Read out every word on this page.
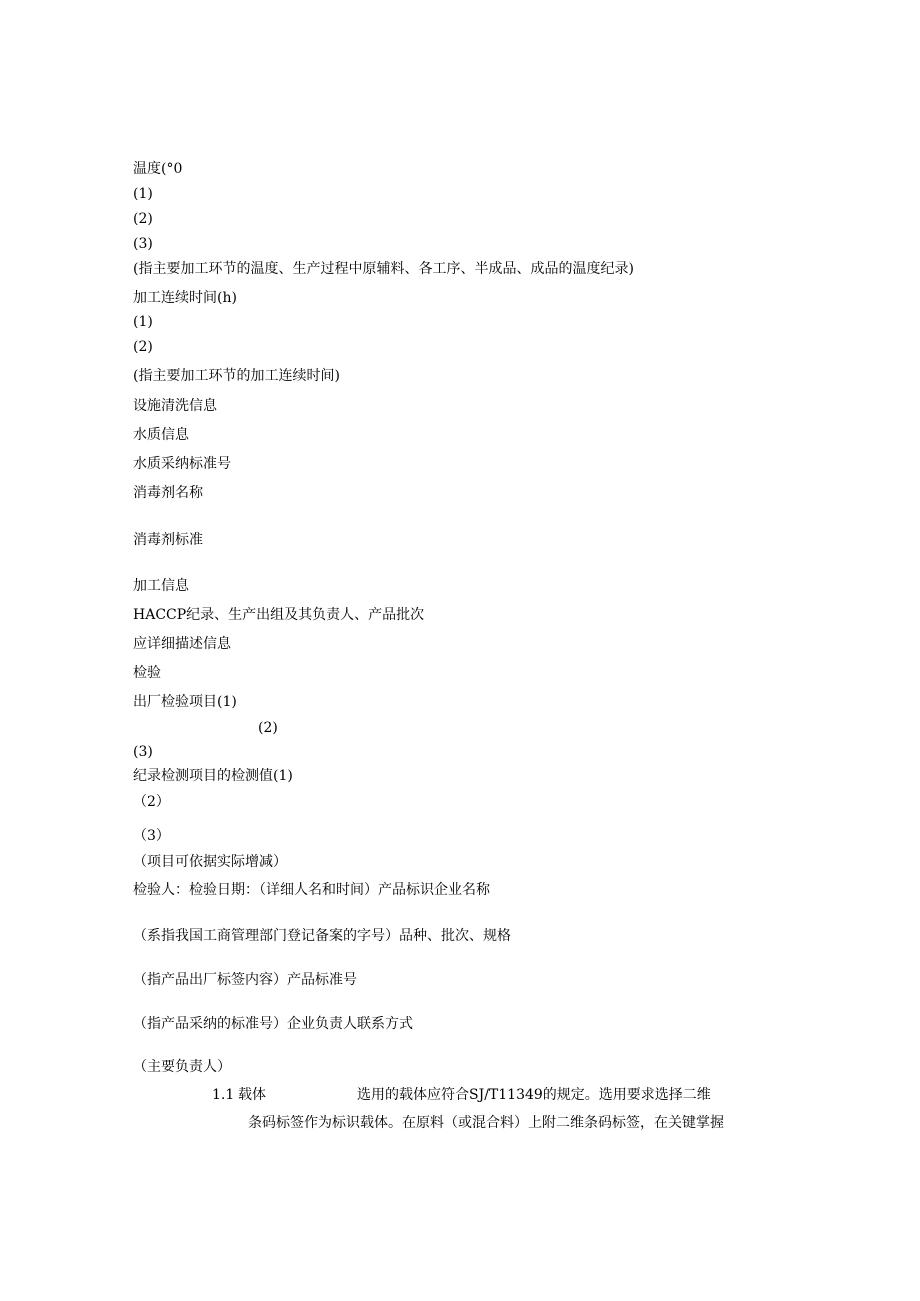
温度(°0
(1)
(2)
(3)
(指主要加工环节的温度、生产过程中原辅料、各工序、半成品、成品的温度纪录)
加工连续时间(h)
(1)
(2)
(指主要加工环节的加工连续时间)
设施清洗信息
水质信息
水质采纳标准号
消毒剂名称
消毒剂标准
加工信息
HACCP纪录、生产出组及其负责人、产品批次
应详细描述信息
检验
出厂检验项目(1)
(2)
(3)
纪录检测项目的检测值(1)
（2）
（3）
（项目可依据实际增减）
检验人：检验日期：（详细人名和时间）产品标识企业名称
（系指我国工商管理部门登记备案的字号）品种、批次、规格
（指产品出厂标签内容）产品标准号
（指产品采纳的标准号）企业负责人联系方式
（主要负责人）
1.1 载体	选用的载体应符合SJ/T11349的规定。选用要求选择二维
条码标签作为标识载体。在原料（或混合料）上附二维条码标签，在关键掌握
